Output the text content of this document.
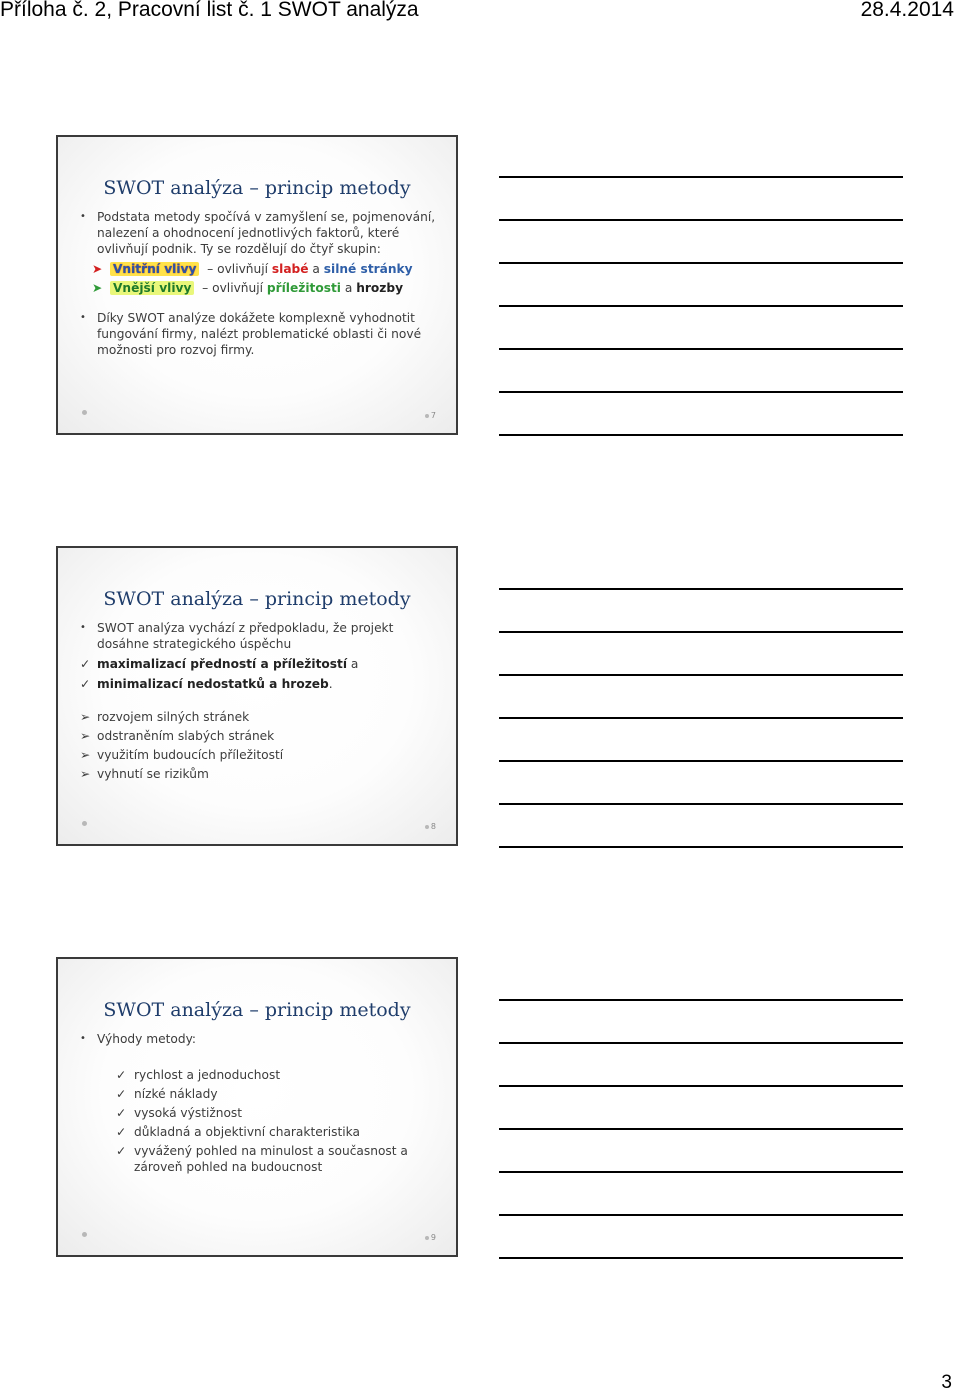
Příloha č. 2, Pracovní list č. 1 SWOT analýza	28.4.2014
SWOT analýza – princip metody
• Podstata metody spočívá v zamyšlení se, pojmenování, nalezení a ohodnocení jednotlivých faktorů, které ovlivňují podnik. Ty se rozdělují do čtyř skupin:
➤ Vnitřní vlivy – ovlivňují slabé a silné stránky
➤ Vnější vlivy – ovlivňují příležitosti a hrozby
• Díky SWOT analýze dokážete komplexně vyhodnotit fungování firmy, nalézt problematické oblasti či nové možnosti pro rozvoj firmy.
7
SWOT analýza – princip metody
• SWOT analýza vychází z předpokladu, že projekt dosáhne strategického úspěchu
✓ maximalizací předností a příležitostí a
✓ minimalizací nedostatků a hrozeb.
➢ rozvojem silných stránek
➢ odstraněním slabých stránek
➢ využitím budoucích příležitostí
➢ vyhnutí se rizikům
8
SWOT analýza – princip metody
• Výhody metody:
✓ rychlost a jednoduchost
✓ nízké náklady
✓ vysoká výstižnost
✓ důkladná a objektivní charakteristika
✓ vyvážený pohled na minulost a současnost a zároveň pohled na budoucnost
9
3
